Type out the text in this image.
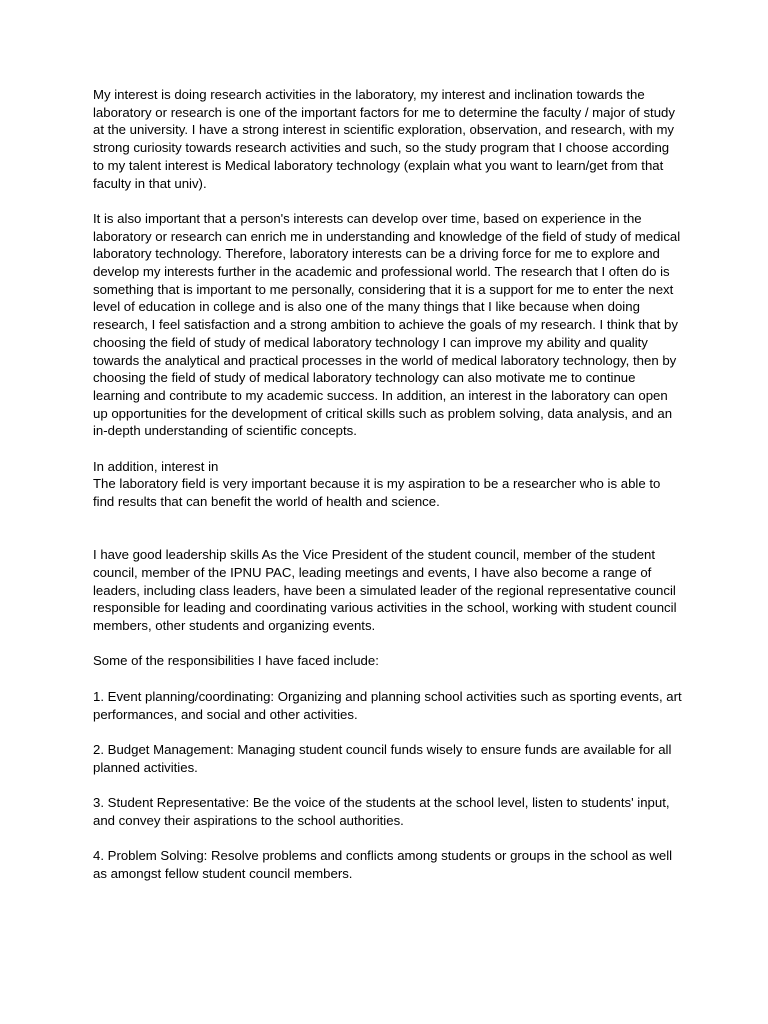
My interest is doing research activities in the laboratory, my interest and inclination towards the laboratory or research is one of the important factors for me to determine the faculty / major of study at the university. I have a strong interest in scientific exploration, observation, and research, with my strong curiosity towards research activities and such, so the study program that I choose according to my talent interest is Medical laboratory technology (explain what you want to learn/get from that faculty in that univ).

It is also important that a person's interests can develop over time, based on experience in the laboratory or research can enrich me in understanding and knowledge of the field of study of medical laboratory technology. Therefore, laboratory interests can be a driving force for me to explore and develop my interests further in the academic and professional world. The research that I often do is something that is important to me personally, considering that it is a support for me to enter the next level of education in college and is also one of the many things that I like because when doing research, I feel satisfaction and a strong ambition to achieve the goals of my research. I think that by choosing the field of study of medical laboratory technology I can improve my ability and quality towards the analytical and practical processes in the world of medical laboratory technology, then by choosing the field of study of medical laboratory technology can also motivate me to continue learning and contribute to my academic success. In addition, an interest in the laboratory can open up opportunities for the development of critical skills such as problem solving, data analysis, and an in-depth understanding of scientific concepts.

In addition, interest in
The laboratory field is very important because it is my aspiration to be a researcher who is able to find results that can benefit the world of health and science.

I have good leadership skills As the Vice President of the student council, member of the student council, member of the IPNU PAC, leading meetings and events, I have also become a range of leaders, including class leaders, have been a simulated leader of the regional representative council responsible for leading and coordinating various activities in the school, working with student council members, other students and organizing events.

Some of the responsibilities I have faced include:

1. Event planning/coordinating: Organizing and planning school activities such as sporting events, art performances, and social and other activities.

2. Budget Management: Managing student council funds wisely to ensure funds are available for all planned activities.

3. Student Representative: Be the voice of the students at the school level, listen to students' input, and convey their aspirations to the school authorities.

4. Problem Solving: Resolve problems and conflicts among students or groups in the school as well as amongst fellow student council members.
